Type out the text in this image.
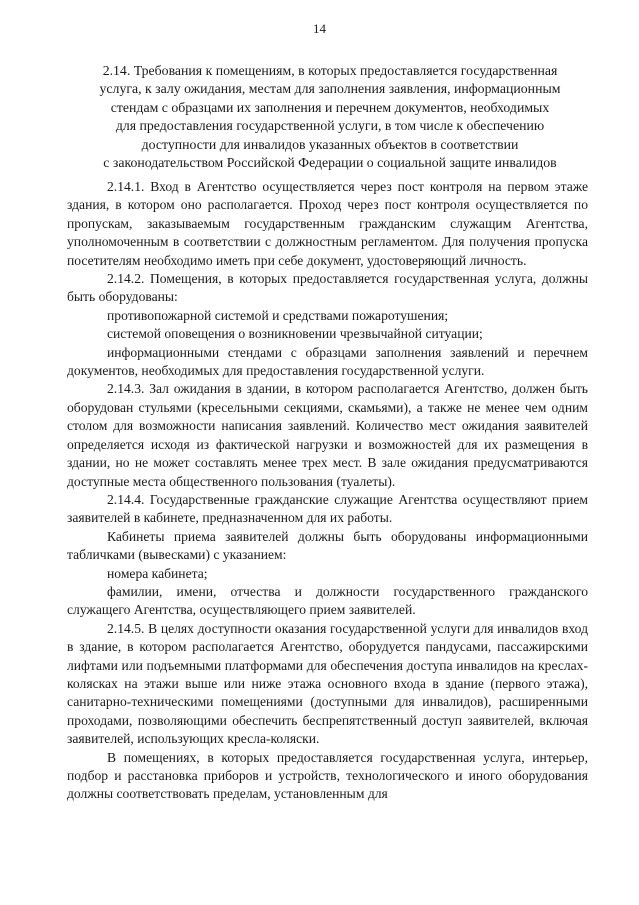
14
2.14. Требования к помещениям, в которых предоставляется государственная
услуга, к залу ожидания, местам для заполнения заявления, информационным
стендам с образцами их заполнения и перечнем документов, необходимых
для предоставления государственной услуги, в том числе к обеспечению
доступности для инвалидов указанных объектов в соответствии
с законодательством Российской Федерации о социальной защите инвалидов

2.14.1. Вход в Агентство осуществляется через пост контроля на первом этаже здания, в котором оно располагается. Проход через пост контроля осуществляется по пропускам, заказываемым государственным гражданским служащим Агентства, уполномоченным в соответствии с должностным регламентом. Для получения пропуска посетителям необходимо иметь при себе документ, удостоверяющий личность.

2.14.2. Помещения, в которых предоставляется государственная услуга, должны быть оборудованы:

противопожарной системой и средствами пожаротушения;

системой оповещения о возникновении чрезвычайной ситуации;

информационными стендами с образцами заполнения заявлений и перечнем документов, необходимых для предоставления государственной услуги.

2.14.3. Зал ожидания в здании, в котором располагается Агентство, должен быть оборудован стульями (кресельными секциями, скамьями), а также не менее чем одним столом для возможности написания заявлений. Количество мест ожидания заявителей определяется исходя из фактической нагрузки и возможностей для их размещения в здании, но не может составлять менее трех мест. В зале ожидания предусматриваются доступные места общественного пользования (туалеты).

2.14.4. Государственные гражданские служащие Агентства осуществляют прием заявителей в кабинете, предназначенном для их работы.

Кабинеты приема заявителей должны быть оборудованы информационными табличками (вывесками) с указанием:

номера кабинета;

фамилии, имени, отчества и должности государственного гражданского служащего Агентства, осуществляющего прием заявителей.

2.14.5. В целях доступности оказания государственной услуги для инвалидов вход в здание, в котором располагается Агентство, оборудуется пандусами, пассажирскими лифтами или подъемными платформами для обеспечения доступа инвалидов на креслах-колясках на этажи выше или ниже этажа основного входа в здание (первого этажа), санитарно-техническими помещениями (доступными для инвалидов), расширенными проходами, позволяющими обеспечить беспрепятственный доступ заявителей, включая заявителей, использующих кресла-коляски.

В помещениях, в которых предоставляется государственная услуга, интерьер, подбор и расстановка приборов и устройств, технологического и иного оборудования должны соответствовать пределам, установленным для
